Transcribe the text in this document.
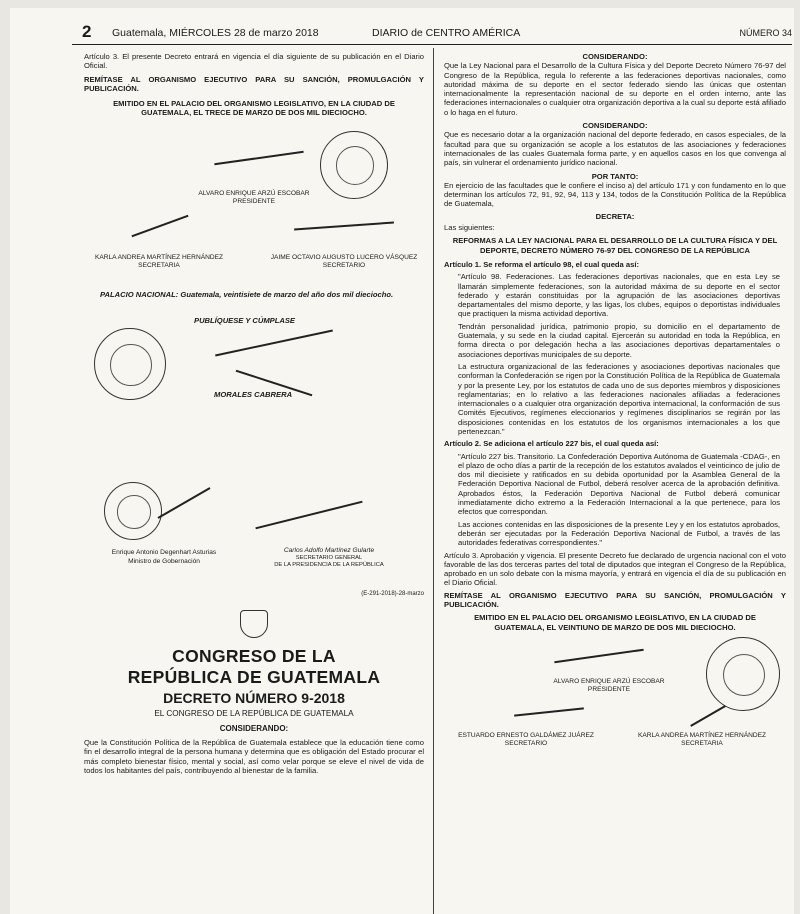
2 Guatemala, MIÉRCOLES 28 de marzo 2018	DIARIO de CENTRO AMÉRICA	NÚMERO 34

Artículo 3. El presente Decreto entrará en vigencia el día siguiente de su publicación en el Diario Oficial.

REMÍTASE AL ORGANISMO EJECUTIVO PARA SU SANCIÓN, PROMULGACIÓN Y PUBLICACIÓN.

EMITIDO EN EL PALACIO DEL ORGANISMO LEGISLATIVO, EN LA CIUDAD DE GUATEMALA, EL TRECE DE MARZO DE DOS MIL DIECIOCHO.

ALVARO ENRIQUE ARZÚ ESCOBAR
PRESIDENTE
KARLA ANDREA MARTÍNEZ HERNÁNDEZ
SECRETARIA
JAIME OCTAVIO AUGUSTO LUCERO VÁSQUEZ
SECRETARIO

PALACIO NACIONAL: Guatemala, veintisiete de marzo del año dos mil dieciocho.

PUBLÍQUESE Y CÚMPLASE
MORALES CABRERA
Enrique Antonio Degenhart Asturias
Ministro de Gobernación
Carlos Adolfo Martínez Gularte
SECRETARIO GENERAL
DE LA PRESIDENCIA DE LA REPÚBLICA
(E-291-2018)-28-marzo
CONGRESO DE LA
REPÚBLICA DE GUATEMALA
DECRETO NÚMERO 9-2018
EL CONGRESO DE LA REPÚBLICA DE GUATEMALA
CONSIDERANDO:

Que la Constitución Política de la República de Guatemala establece que la educación tiene como fin el desarrollo integral de la persona humana y determina que es obligación del Estado procurar el más completo bienestar físico, mental y social, así como velar porque se eleve el nivel de vida de todos los habitantes del país, contribuyendo al bienestar de la familia.

CONSIDERANDO:

Que la Ley Nacional para el Desarrollo de la Cultura Física y del Deporte Decreto Número 76-97 del Congreso de la República, regula lo referente a las federaciones deportivas nacionales, como autoridad máxima de su deporte en el sector federado siendo las únicas que ostentan internacionalmente la representación nacional de su deporte en el orden interno, ante las federaciones internacionales o cualquier otra organización deportiva a la cual su deporte está afiliado o lo haga en el futuro.

CONSIDERANDO:

Que es necesario dotar a la organización nacional del deporte federado, en casos especiales, de la facultad para que su organización se acople a los estatutos de las asociaciones y federaciones internacionales de las cuales Guatemala forma parte, y en aquellos casos en los que convenga al país, sin vulnerar el ordenamiento jurídico nacional.

POR TANTO:

En ejercicio de las facultades que le confiere el inciso a) del artículo 171 y con fundamento en lo que determinan los artículos 72, 91, 92, 94, 113 y 134, todos de la Constitución Política de la República de Guatemala,

DECRETA:

Las siguientes:

REFORMAS A LA LEY NACIONAL PARA EL DESARROLLO DE LA CULTURA FÍSICA Y DEL DEPORTE, DECRETO NÚMERO 76-97 DEL CONGRESO DE LA REPÚBLICA

Artículo 1. Se reforma el artículo 98, el cual queda así:

"Artículo 98. Federaciones. Las federaciones deportivas nacionales, que en esta Ley se llamarán simplemente federaciones, son la autoridad máxima de su deporte en el sector federado y estarán constituidas por la agrupación de las asociaciones deportivas departamentales del mismo deporte, y las ligas, los clubes, equipos o deportistas individuales que practiquen la misma actividad deportiva.

Tendrán personalidad jurídica, patrimonio propio, su domicilio en el departamento de Guatemala, y su sede en la ciudad capital. Ejercerán su autoridad en toda la República, en forma directa o por delegación hecha a las asociaciones deportivas departamentales o asociaciones deportivas municipales de su deporte.

La estructura organizacional de las federaciones y asociaciones deportivas nacionales que conforman la Confederación se rigen por la Constitución Política de la República de Guatemala y por la presente Ley, por los estatutos de cada uno de sus deportes miembros y disposiciones reglamentarias; en lo relativo a las federaciones nacionales afiliadas a federaciones internacionales o a cualquier otra organización deportiva internacional, la conformación de sus Comités Ejecutivos, regímenes eleccionarios y regímenes disciplinarios se regirán por las disposiciones contenidas en los estatutos de los organismos internacionales a los que pertenezcan."

Artículo 2. Se adiciona el artículo 227 bis, el cual queda así:

"Artículo 227 bis. Transitorio. La Confederación Deportiva Autónoma de Guatemala -CDAG-, en el plazo de ocho días a partir de la recepción de los estatutos avalados el veinticinco de julio de dos mil diecisiete y ratificados en su debida oportunidad por la Asamblea General de la Federación Deportiva Nacional de Futbol, deberá resolver acerca de la aprobación definitiva. Aprobados éstos, la Federación Deportiva Nacional de Futbol deberá comunicar inmediatamente dicho extremo a la Federación Internacional a la que pertenece, para los efectos que correspondan.

Las acciones contenidas en las disposiciones de la presente Ley y en los estatutos aprobados, deberán ser ejecutadas por la Federación Deportiva Nacional de Futbol, a través de las autoridades federativas correspondientes."

Artículo 3. Aprobación y vigencia. El presente Decreto fue declarado de urgencia nacional con el voto favorable de las dos terceras partes del total de diputados que integran el Congreso de la República, aprobado en un solo debate con la misma mayoría, y entrará en vigencia el día de su publicación en el Diario Oficial.

REMÍTASE AL ORGANISMO EJECUTIVO PARA SU SANCIÓN, PROMULGACIÓN Y PUBLICACIÓN.

EMITIDO EN EL PALACIO DEL ORGANISMO LEGISLATIVO, EN LA CIUDAD DE GUATEMALA, EL VEINTIUNO DE MARZO DE DOS MIL DIECIOCHO.

ALVARO ENRIQUE ARZÚ ESCOBAR
PRESIDENTE
ESTUARDO ERNESTO GALDÁMEZ JUÁREZ
SECRETARIO
KARLA ANDREA MARTÍNEZ HERNÁNDEZ
SECRETARIA
